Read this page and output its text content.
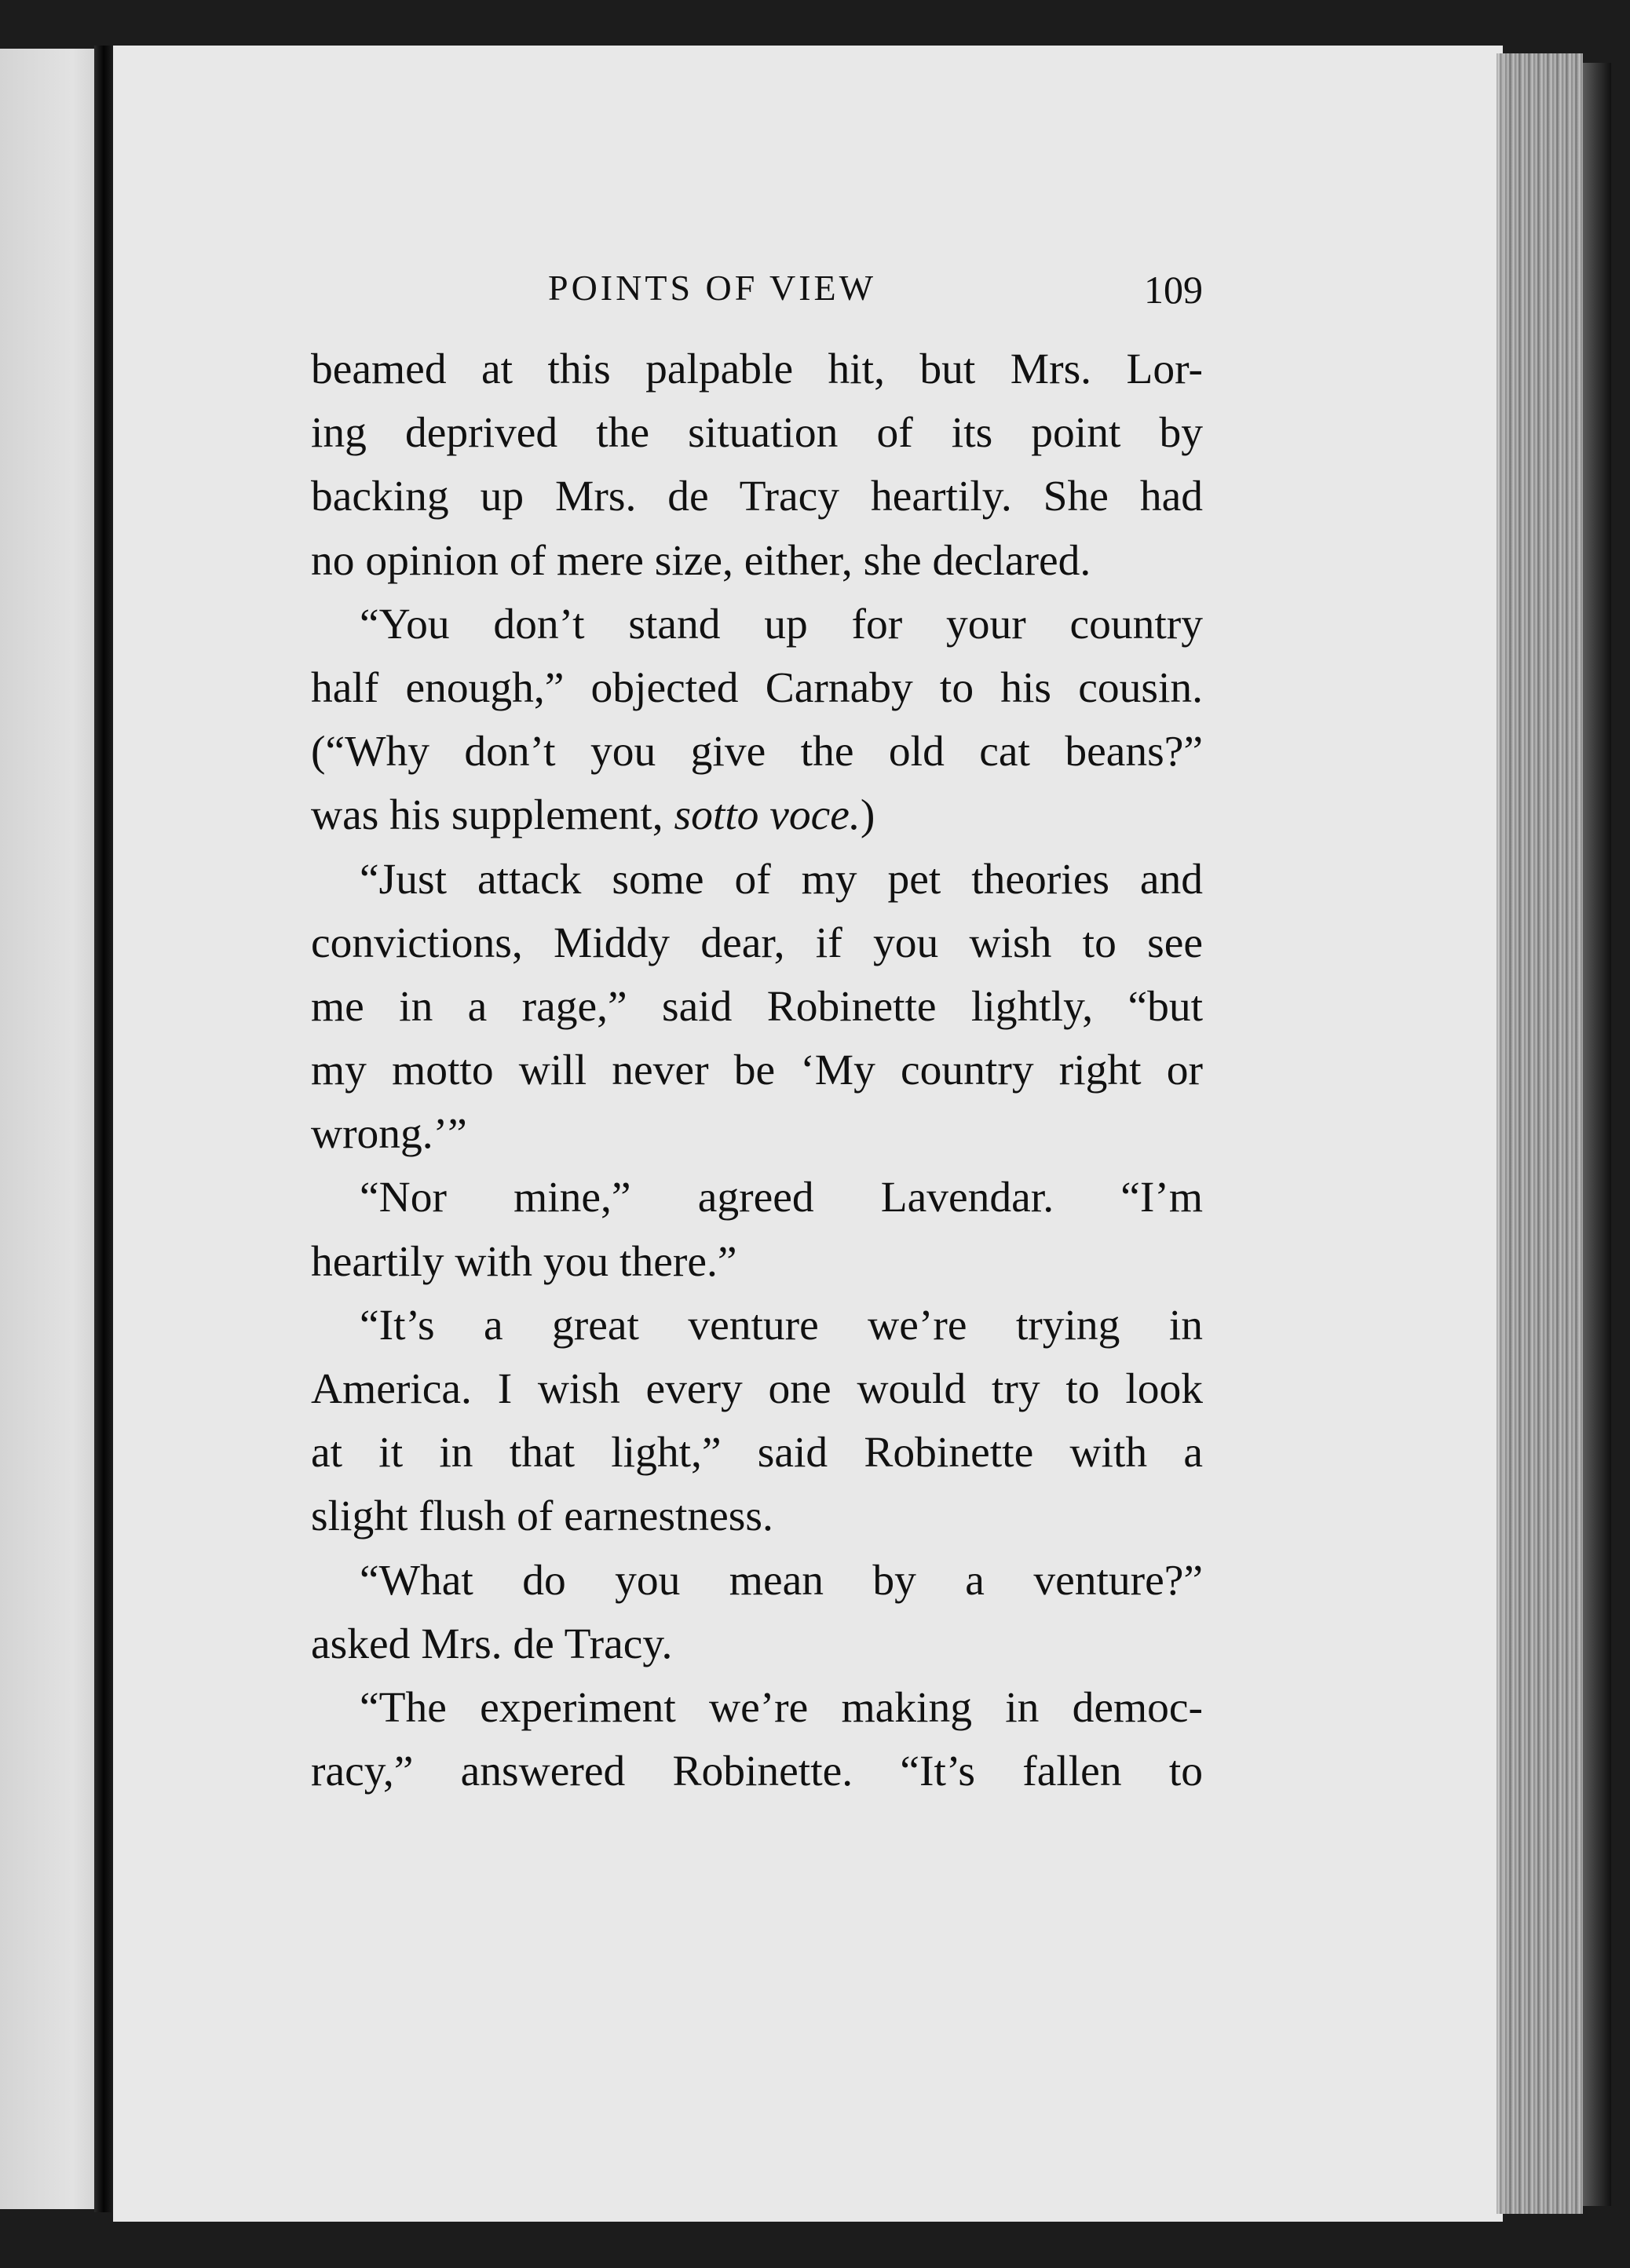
POINTS OF VIEW	109
beamed at this palpable hit, but Mrs. Lor-
ing deprived the situation of its point by
backing up Mrs. de Tracy heartily. She had
no opinion of mere size, either, she declared.
“You don’t stand up for your country
half enough,” objected Carnaby to his cousin.
(“Why don’t you give the old cat beans?”
was his supplement, sotto voce.)
“Just attack some of my pet theories and
convictions, Middy dear, if you wish to see
me in a rage,” said Robinette lightly, “but
my motto will never be ‘My country right or
wrong.’”
“Nor mine,” agreed Lavendar. “I’m
heartily with you there.”
“It’s a great venture we’re trying in
America. I wish every one would try to look
at it in that light,” said Robinette with a
slight flush of earnestness.
“What do you mean by a venture?”
asked Mrs. de Tracy.
“The experiment we’re making in democ-
racy,” answered Robinette. “It’s fallen to
